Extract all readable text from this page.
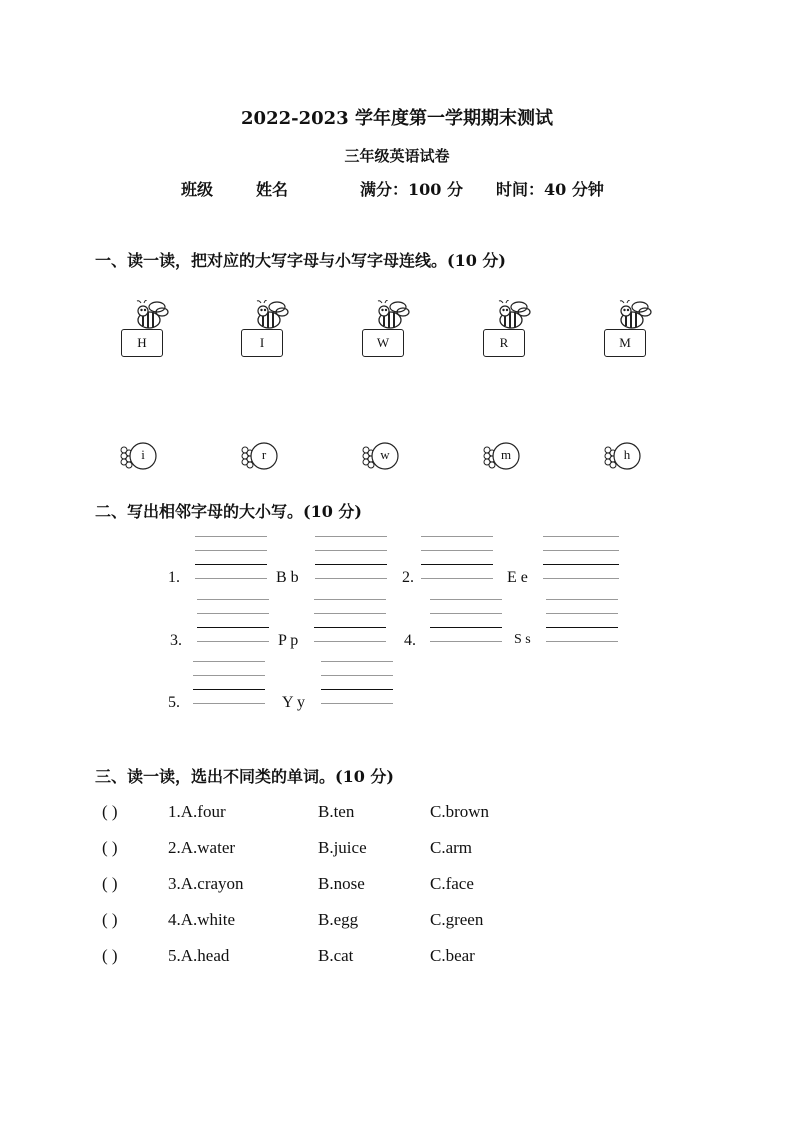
2022-2023 学年度第一学期期末测试
三年级英语试卷
班级	姓名	满分：100 分 时间：40 分钟
一、读一读，把对应的大写字母与小写字母连线。(10 分)
H	I	W	R	M
i	r	w	m	h
二、写出相邻字母的大小写。(10 分)
1.	B b	2.	E e
3.	P p	4.	S s
5.	Y y
三、读一读，选出不同类的单词。(10 分)
( )	1.A.four	B.ten	C.brown
( )	2.A.water	B.juice	C.arm
( )	3.A.crayon	B.nose	C.face
( )	4.A.white	B.egg	C.green
( )	5.A.head	B.cat	C.bear
